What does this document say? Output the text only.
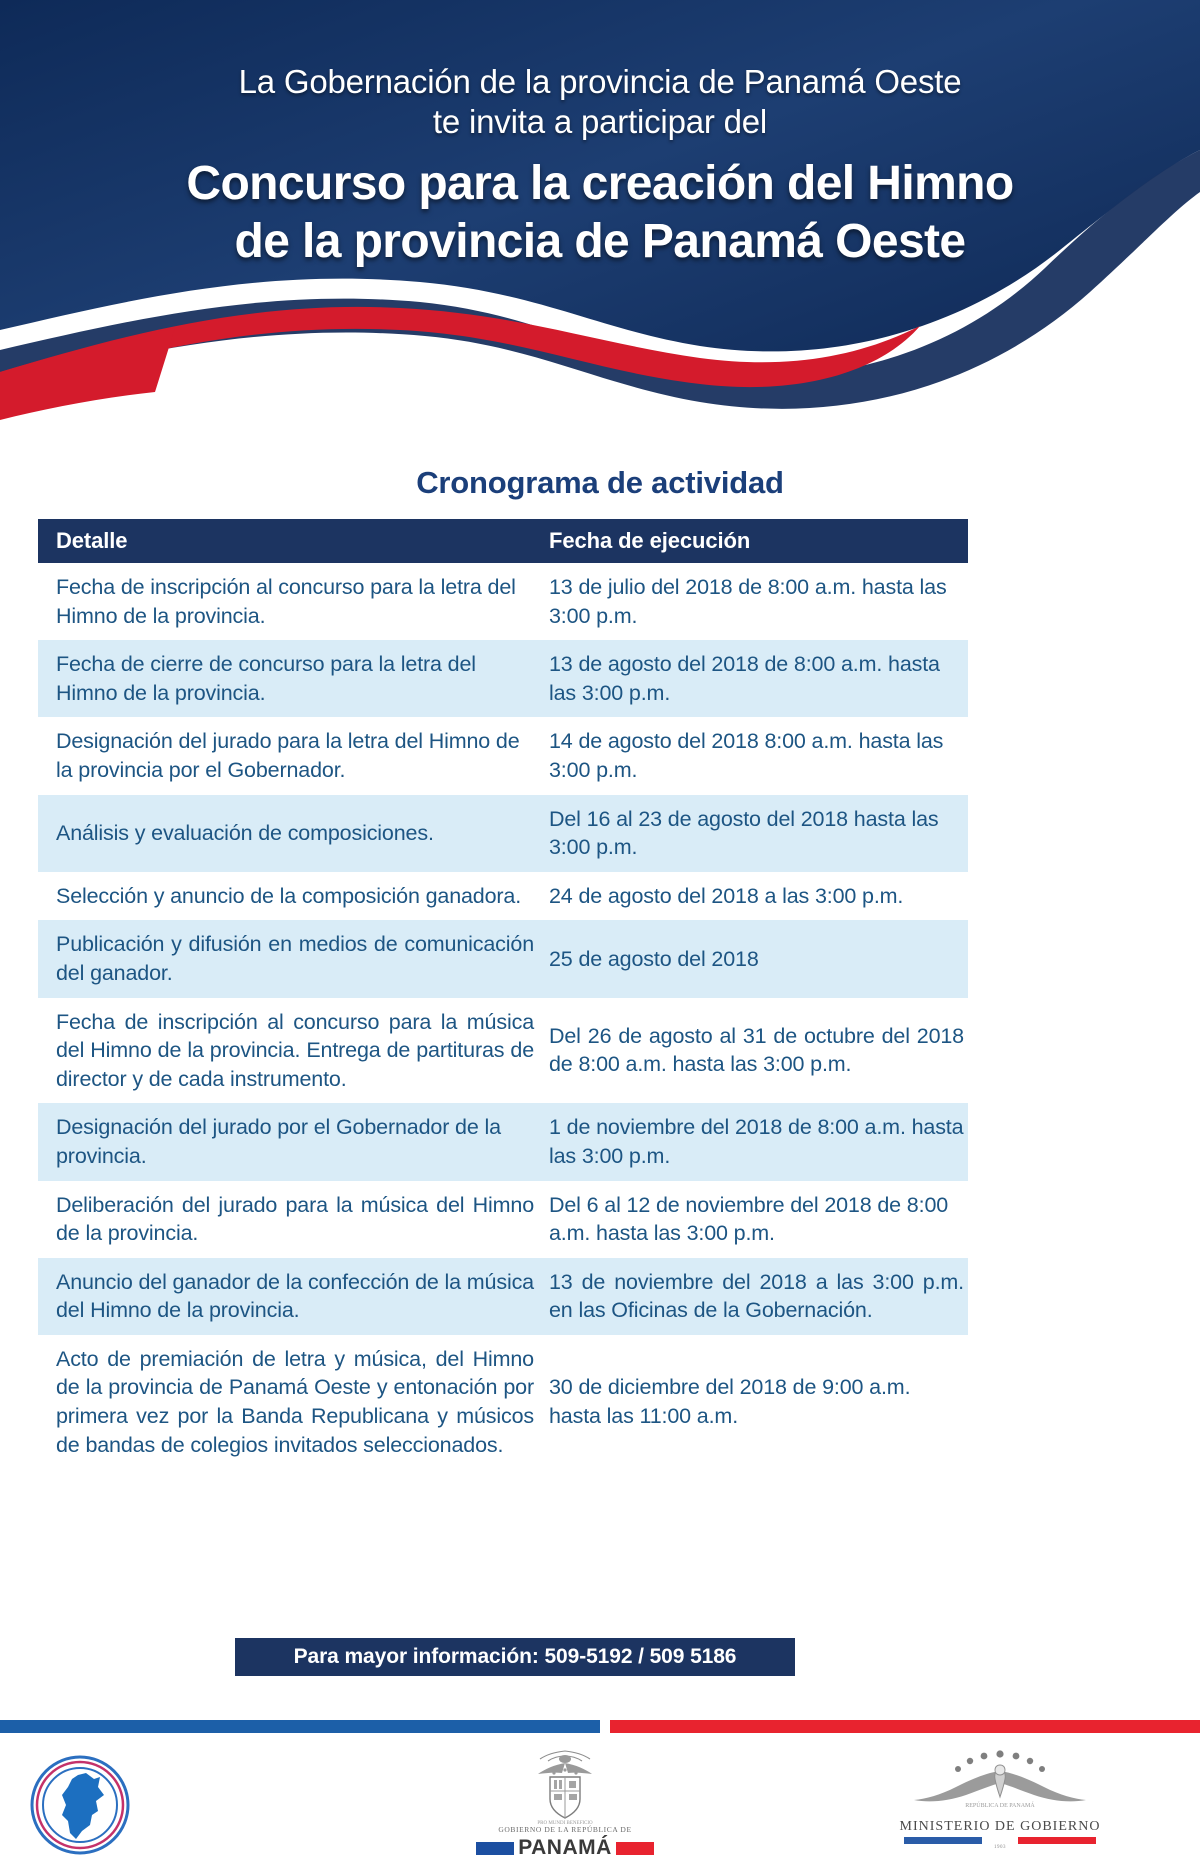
La Gobernación de la provincia de Panamá Oeste
te invita a participar del
Concurso para la creación del Himno
de la provincia de Panamá Oeste
Cronograma de actividad
Detalle	Fecha de ejecución
Fecha de inscripción al concurso para la letra del Himno de la provincia.
13 de julio del 2018 de 8:00 a.m. hasta las 3:00 p.m.
Fecha de cierre de concurso para la letra del Himno de la provincia.
13 de agosto del 2018 de 8:00 a.m. hasta las 3:00 p.m.
Designación del jurado para la letra del Himno de la provincia por el Gobernador.
14 de agosto del 2018 8:00 a.m. hasta las 3:00 p.m.
Análisis y evaluación de composiciones.
Del 16 al 23 de agosto del 2018 hasta las 3:00 p.m.
Selección y anuncio de la composición ganadora.	24 de agosto del 2018 a las 3:00 p.m.
Publicación y difusión en medios de comunicación del ganador.
25 de agosto del 2018
Fecha de inscripción al concurso para la música del Himno de la provincia. Entrega de partituras de director y de cada instrumento.
Del 26 de agosto al 31 de octubre del 2018 de 8:00 a.m. hasta las 3:00 p.m.
Designación del jurado por el Gobernador de la provincia.
1 de noviembre del 2018 de 8:00 a.m. hasta las 3:00 p.m.
Deliberación del jurado para la música del Himno de la provincia.
Del 6 al 12 de noviembre del 2018 de 8:00 a.m. hasta las 3:00 p.m.
Anuncio del ganador de la confección de la música del Himno de la provincia.
13 de noviembre del 2018 a las 3:00 p.m. en las Oficinas de la Gobernación.
Acto de premiación de letra y música, del Himno de la provincia de Panamá Oeste y entonación por primera vez por la Banda Republicana y músicos de bandas de colegios invitados seleccionados.
30 de diciembre del 2018 de 9:00 a.m. hasta las 11:00 a.m.
Para mayor información: 509-5192 / 509 5186
PRO MUNDI BENEFICIO
GOBIERNO DE LA REPÚBLICA DE
PANAMÁ
REPÚBLICA DE PANAMÁ
MINISTERIO DE GOBIERNO
1903
